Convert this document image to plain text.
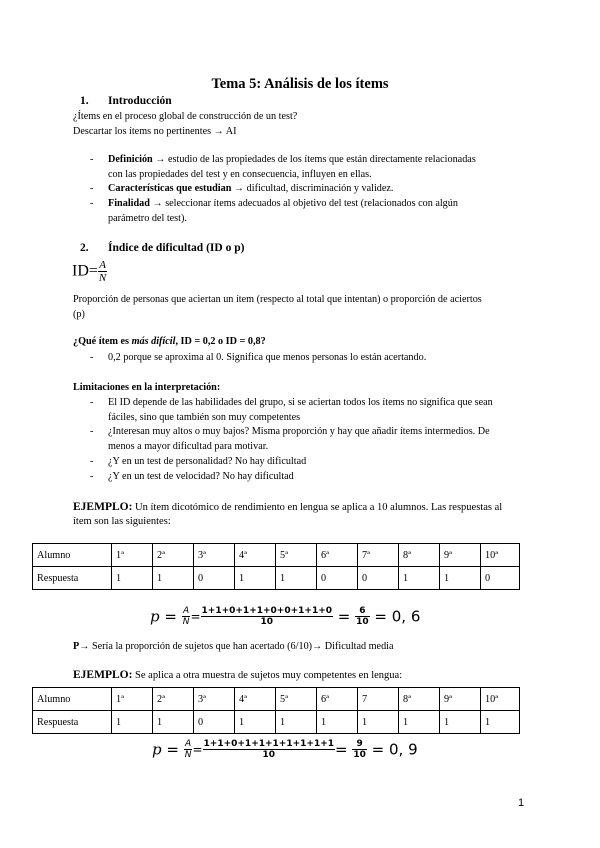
Tema 5: Análisis de los ítems
1. Introducción
¿Ítems en el proceso global de construcción de un test?
Descartar los ítems no pertinentes → AI
- Definición → estudio de las propiedades de los ítems que están directamente relacionadas
con las propiedades del test y en consecuencia, influyen en ellas.
- Características que estudian → dificultad, discriminación y validez.
- Finalidad → seleccionar ítems adecuados al objetivo del test (relacionados con algún
parámetro del test).
2. Índice de dificultad (ID o p)
$ID= \frac{A}{N}$
Proporción de personas que aciertan un ítem (respecto al total que intentan) o proporción de aciertos
(p)
¿Qué ítem es más difícil, ID = 0,2 o ID = 0,8?
- 0,2 porque se aproxima al 0. Significa que menos personas lo están acertando.
Limitaciones en la interpretación:
- El ID depende de las habilidades del grupo, si se aciertan todos los ítems no significa que sean
fáciles, sino que también son muy competentes
- ¿Interesan muy altos o muy bajos? Misma proporción y hay que añadir ítems intermedios. De
menos a mayor dificultad para motivar.
- ¿Y en un test de personalidad? No hay dificultad
- ¿Y en un test de velocidad? No hay dificultad
EJEMPLO: Un ítem dicotómico de rendimiento en lengua se aplica a 10 alumnos. Las respuestas al
ítem son las siguientes:
Alumno	1ª	2ª	3ª	4ª	5ª	6ª	7ª	8ª	9ª	10ª
Respuesta	1	1	0	1	1	0	0	1	1	0
$p = \frac{A}{N} = \frac{1+1+0+1+1+0+0+1+1+0}{10} = \frac{6}{10} = 0$, 6
P→ Sería la proporción de sujetos que han acertado (6/10)→ Dificultad media
EJEMPLO: Se aplica a otra muestra de sujetos muy competentes en lengua:
Alumno	1ª	2ª	3ª	4ª	5ª	6ª	7	8ª	9ª	10ª
Respuesta	1	1	0	1	1	1	1	1	1	1
$p = \frac{A}{N} = \frac{1+1+0+1+1+1+1+1+1+1}{10} = \frac{9}{10} = 0$, 9
1
